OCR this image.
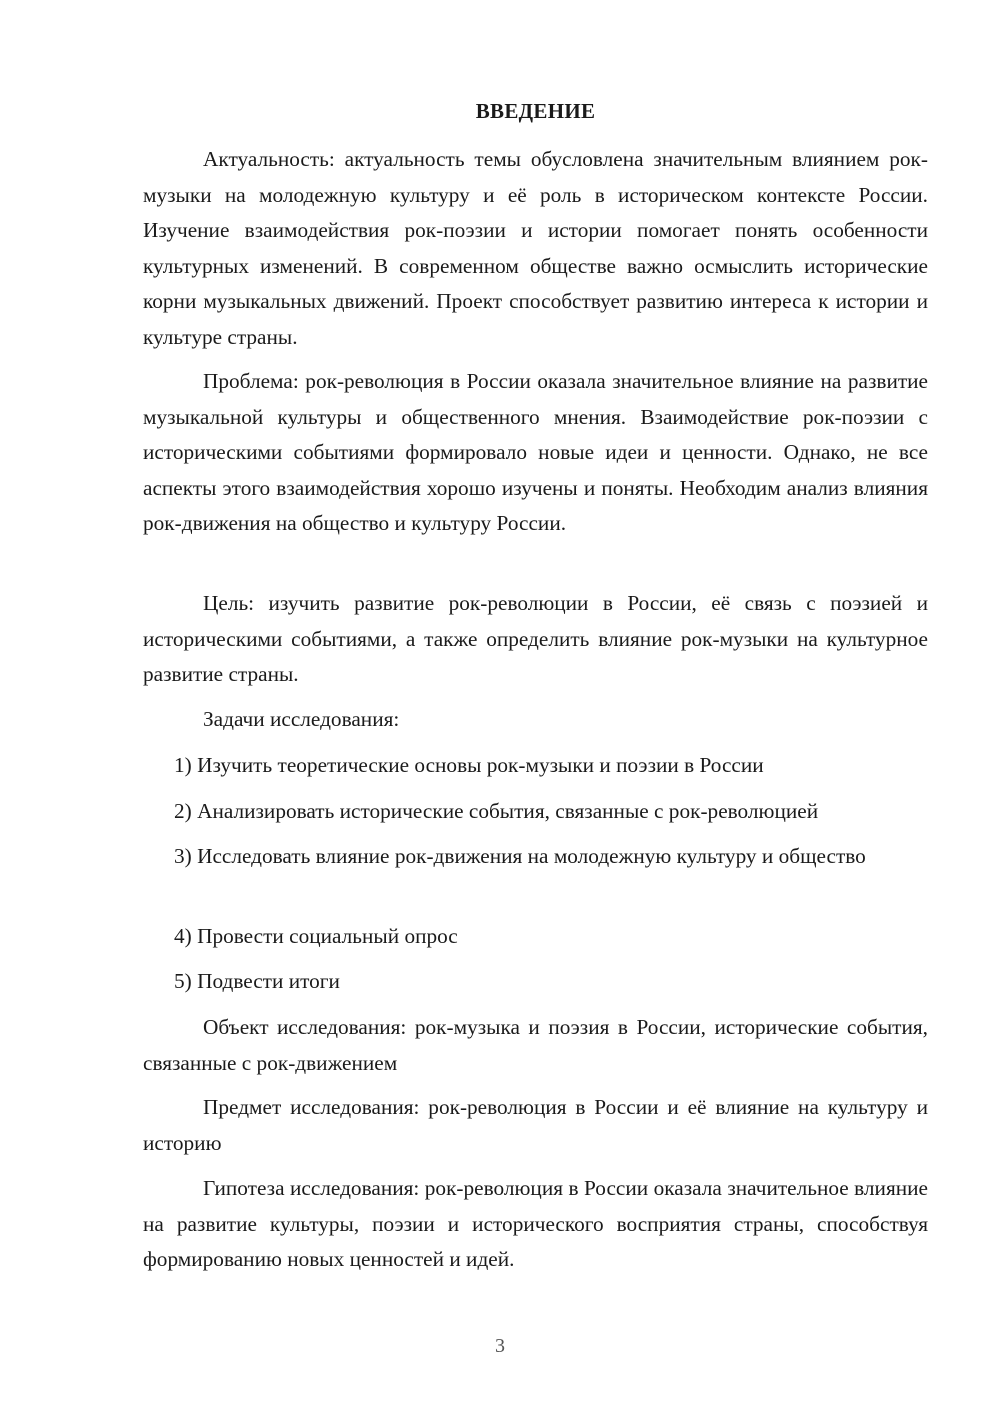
ВВЕДЕНИЕ

Актуальность: актуальность темы обусловлена значительным влиянием рок-музыки на молодежную культуру и её роль в историческом контексте России. Изучение взаимодействия рок-поэзии и истории помогает понять особенности культурных изменений. В современном обществе важно осмыслить исторические корни музыкальных движений. Проект способствует развитию интереса к истории и культуре страны.

Проблема: рок-революция в России оказала значительное влияние на развитие музыкальной культуры и общественного мнения. Взаимодействие рок-поэзии с историческими событиями формировало новые идеи и ценности. Однако, не все аспекты этого взаимодействия хорошо изучены и поняты. Необходим анализ влияния рок-движения на общество и культуру России.

Цель: изучить развитие рок-революции в России, её связь с поэзией и историческими событиями, а также определить влияние рок-музыки на культурное развитие страны.

Задачи исследования:

1) Изучить теоретические основы рок-музыки и поэзии в России

2) Анализировать исторические события, связанные с рок-революцией

3) Исследовать влияние рок-движения на молодежную культуру и общество

4) Провести социальный опрос

5) Подвести итоги

Объект исследования: рок-музыка и поэзия в России, исторические события, связанные с рок-движением

Предмет исследования: рок-революция в России и её влияние на культуру и историю

Гипотеза исследования: рок-революция в России оказала значительное влияние на развитие культуры, поэзии и исторического восприятия страны, способствуя формированию новых ценностей и идей.

3
